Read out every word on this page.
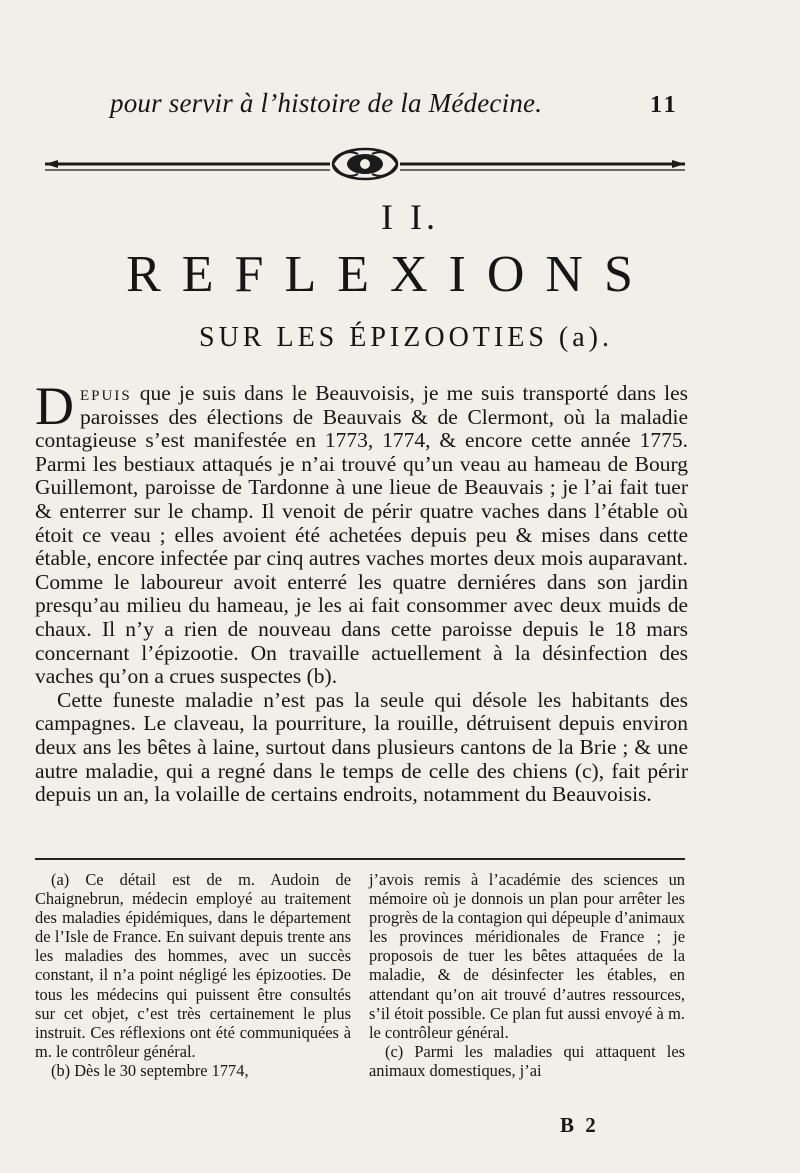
pour servir à l’histoire de la Médecine.	11
I I.
REFLEXIONS
SUR LES ÉPIZOOTIES (a).

Depuis que je suis dans le Beauvoisis, je me suis transporté dans les paroisses des élections de Beauvais & de Clermont, où la maladie contagieuse s’est manifestée en 1773, 1774, & encore cette année 1775. Parmi les bestiaux attaqués je n’ai trouvé qu’un veau au hameau de Bourg Guillemont, paroisse de Tardonne à une lieue de Beauvais ; je l’ai fait tuer & enterrer sur le champ. Il venoit de périr quatre vaches dans l’étable où étoit ce veau ; elles avoient été achetées depuis peu & mises dans cette étable, encore infectée par cinq autres vaches mortes deux mois auparavant. Comme le laboureur avoit enterré les quatre derniéres dans son jardin presqu’au milieu du hameau, je les ai fait consommer avec deux muids de chaux. Il n’y a rien de nouveau dans cette paroisse depuis le 18 mars concernant l’épizootie. On travaille actuellement à la désinfection des vaches qu’on a crues suspectes (b).

Cette funeste maladie n’est pas la seule qui désole les habitants des campagnes. Le claveau, la pourriture, la rouille, détruisent depuis environ deux ans les bêtes à laine, surtout dans plusieurs cantons de la Brie ; & une autre maladie, qui a regné dans le temps de celle des chiens (c), fait périr depuis un an, la volaille de certains endroits, notamment du Beauvoisis.

(a) Ce détail est de m. Audoin de Chaignebrun, médecin employé au traitement des maladies épidémiques, dans le département de l’Isle de France. En suivant depuis trente ans les maladies des hommes, avec un succès constant, il n’a point négligé les épizooties. De tous les médecins qui puissent être consultés sur cet objet, c’est très certainement le plus instruit. Ces réflexions ont été communiquées à m. le contrôleur général.

(b) Dès le 30 septembre 1774,

j’avois remis à l’académie des sciences un mémoire où je donnois un plan pour arrêter les progrès de la contagion qui dépeuple d’animaux les provinces méridionales de France ; je proposois de tuer les bêtes attaquées de la maladie, & de désinfecter les étables, en attendant qu’on ait trouvé d’autres ressources, s’il étoit possible. Ce plan fut aussi envoyé à m. le contrôleur général.

(c) Parmi les maladies qui attaquent les animaux domestiques, j’ai

B 2
